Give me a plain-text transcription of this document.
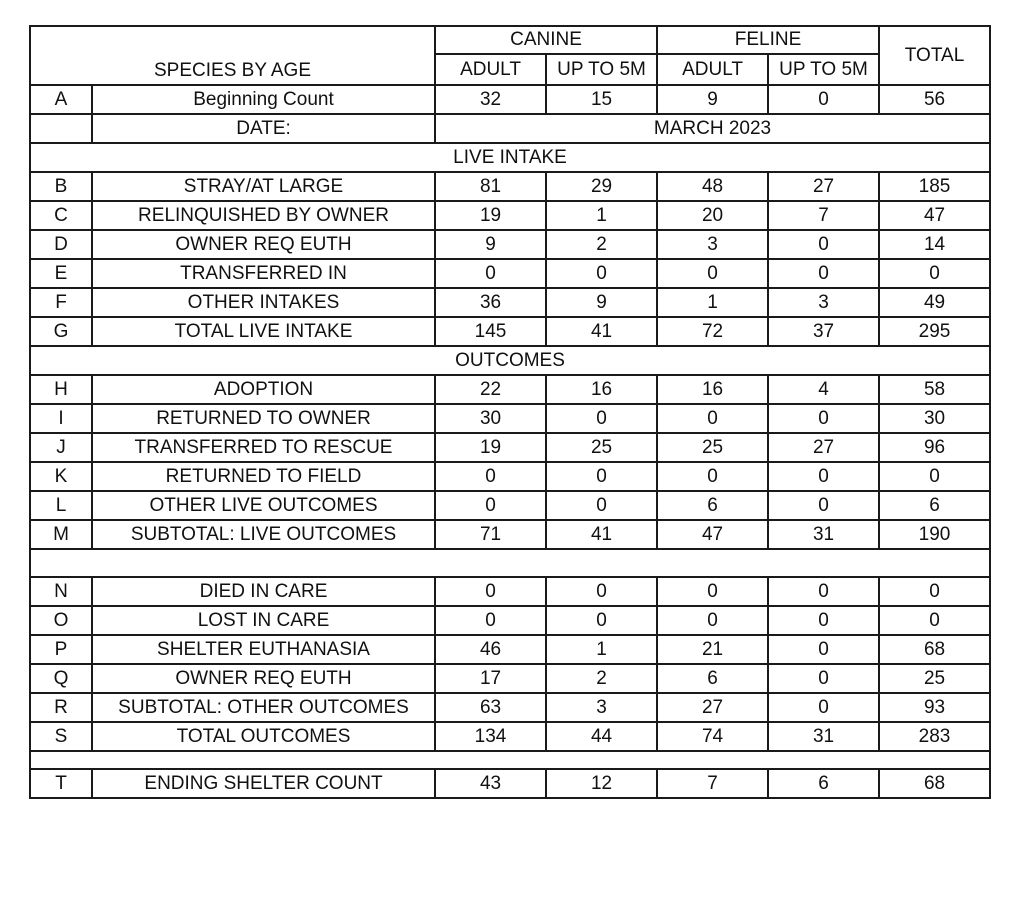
SPECIES BY AGE		CANINE		FELINE		TOTAL
		ADULT	UP TO 5M	ADULT	UP TO 5M	
A	Beginning Count	32	15	9	0	56
	DATE:	MARCH 2023				
LIVE INTAKE						
B	STRAY/AT LARGE	81	29	48	27	185
C	RELINQUISHED BY OWNER	19	1	20	7	47
D	OWNER REQ EUTH	9	2	3	0	14
E	TRANSFERRED IN	0	0	0	0	0
F	OTHER INTAKES	36	9	1	3	49
G	TOTAL LIVE INTAKE	145	41	72	37	295
OUTCOMES						
H	ADOPTION	22	16	16	4	58
I	RETURNED TO OWNER	30	0	0	0	30
J	TRANSFERRED TO RESCUE	19	25	25	27	96
K	RETURNED TO FIELD	0	0	0	0	0
L	OTHER LIVE OUTCOMES	0	0	6	0	6
M	SUBTOTAL: LIVE OUTCOMES	71	41	47	31	190

N	DIED IN CARE	0	0	0	0	0
O	LOST IN CARE	0	0	0	0	0
P	SHELTER EUTHANASIA	46	1	21	0	68
Q	OWNER REQ EUTH	17	2	6	0	25
R	SUBTOTAL: OTHER OUTCOMES	63	3	27	0	93
S	TOTAL OUTCOMES	134	44	74	31	283

T	ENDING SHELTER COUNT	43	12	7	6	68
